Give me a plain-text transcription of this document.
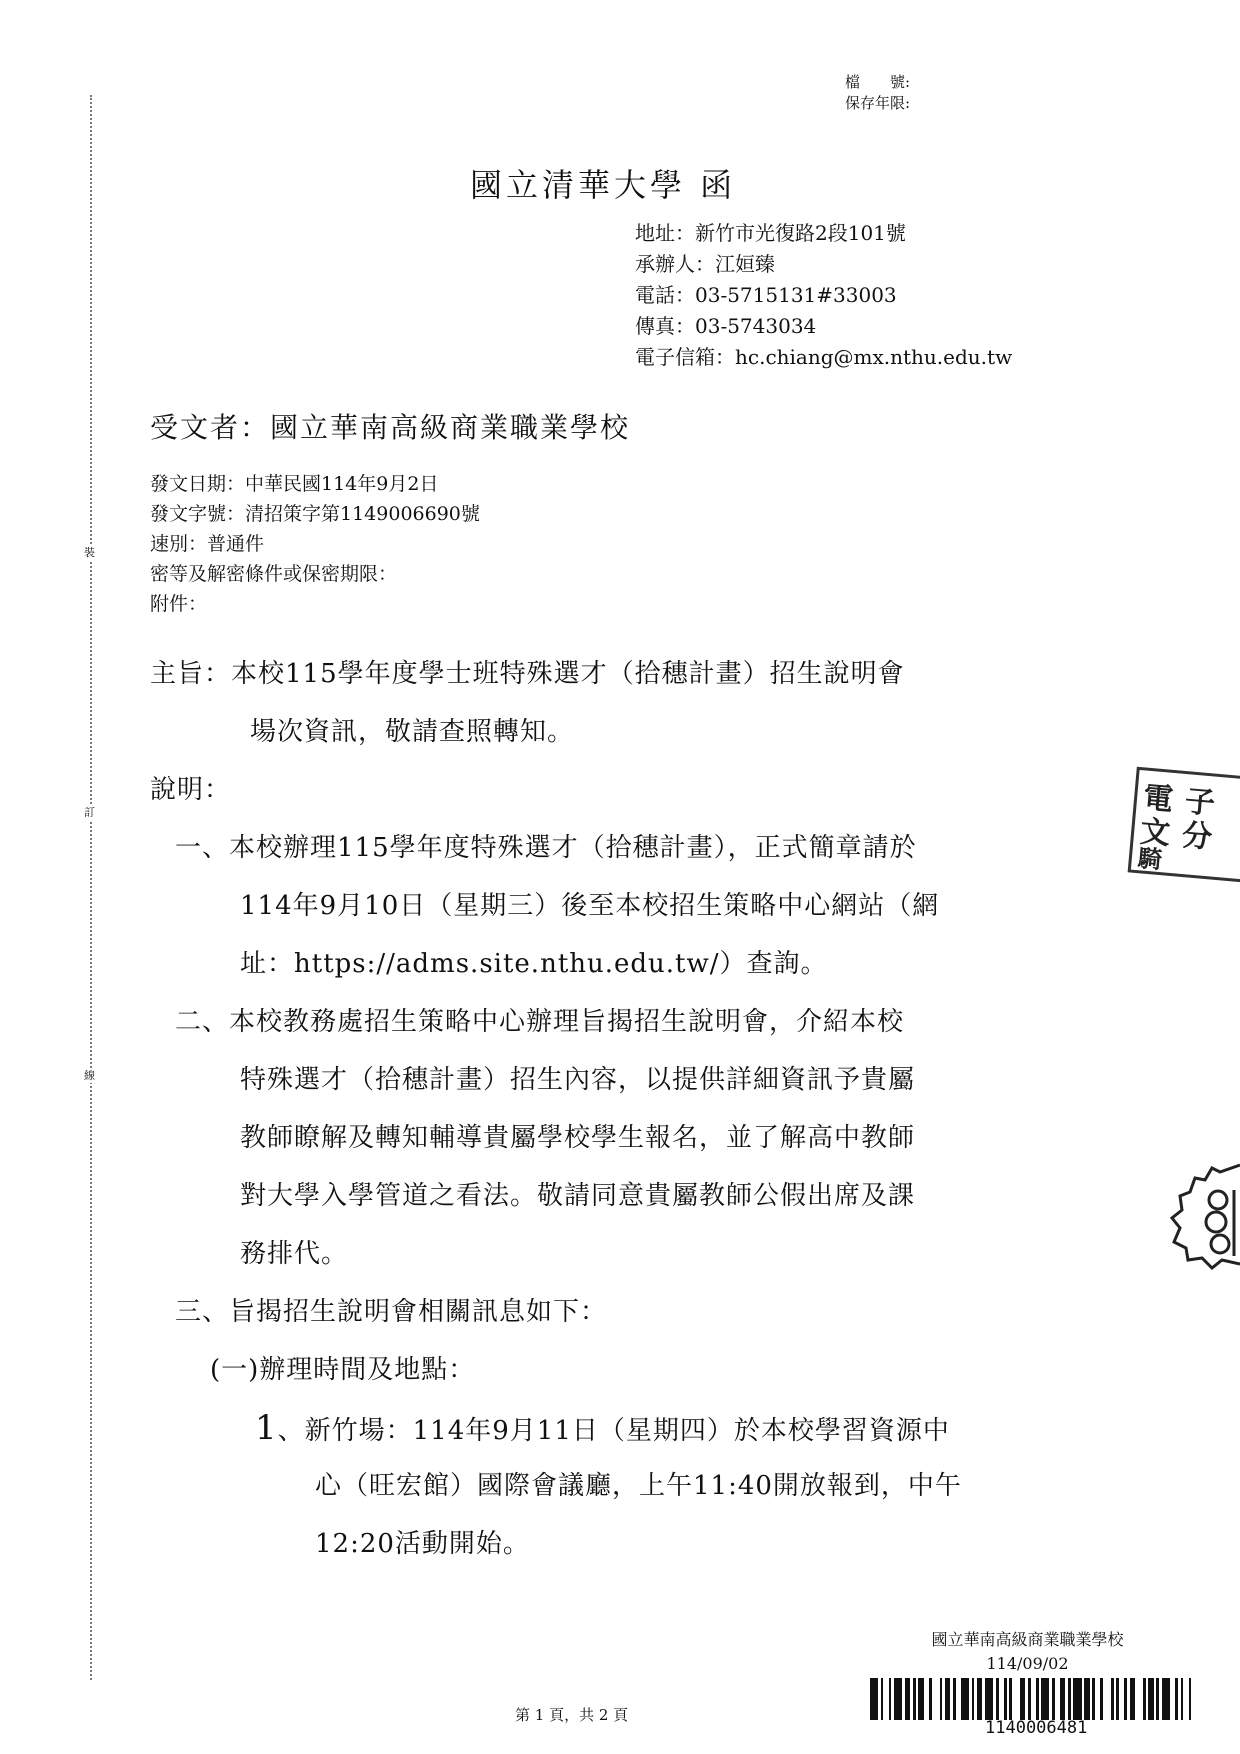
裝
訂
線
檔　　號:
保存年限:
國立清華大學 函
地址：新竹市光復路2段101號
承辦人：江姮臻
電話：03-5715131#33003
傳真：03-5743034
電子信箱：hc.chiang@mx.nthu.edu.tw
受文者：國立華南高級商業職業學校
發文日期：中華民國114年9月2日
發文字號：清招策字第1149006690號
速別：普通件
密等及解密條件或保密期限：
附件：
主旨：本校115學年度學士班特殊選才（拾穗計畫）招生說明會
場次資訊，敬請查照轉知。
說明：
一、本校辦理115學年度特殊選才（拾穗計畫），正式簡章請於
114年9月10日（星期三）後至本校招生策略中心網站（網
址：https://adms.site.nthu.edu.tw/）查詢。
二、本校教務處招生策略中心辦理旨揭招生說明會，介紹本校
特殊選才（拾穗計畫）招生內容，以提供詳細資訊予貴屬
教師瞭解及轉知輔導貴屬學校學生報名，並了解高中教師
對大學入學管道之看法。敬請同意貴屬教師公假出席及課
務排代。
三、旨揭招生說明會相關訊息如下：
(一)辦理時間及地點：
1、新竹場：114年9月11日（星期四）於本校學習資源中
心（旺宏館）國際會議廳，上午11:40開放報到，中午
12:20活動開始。
電 子
文 分
騎
國立華南高級商業職業學校
114/09/02
1140006481
第 1 頁，共 2 頁
